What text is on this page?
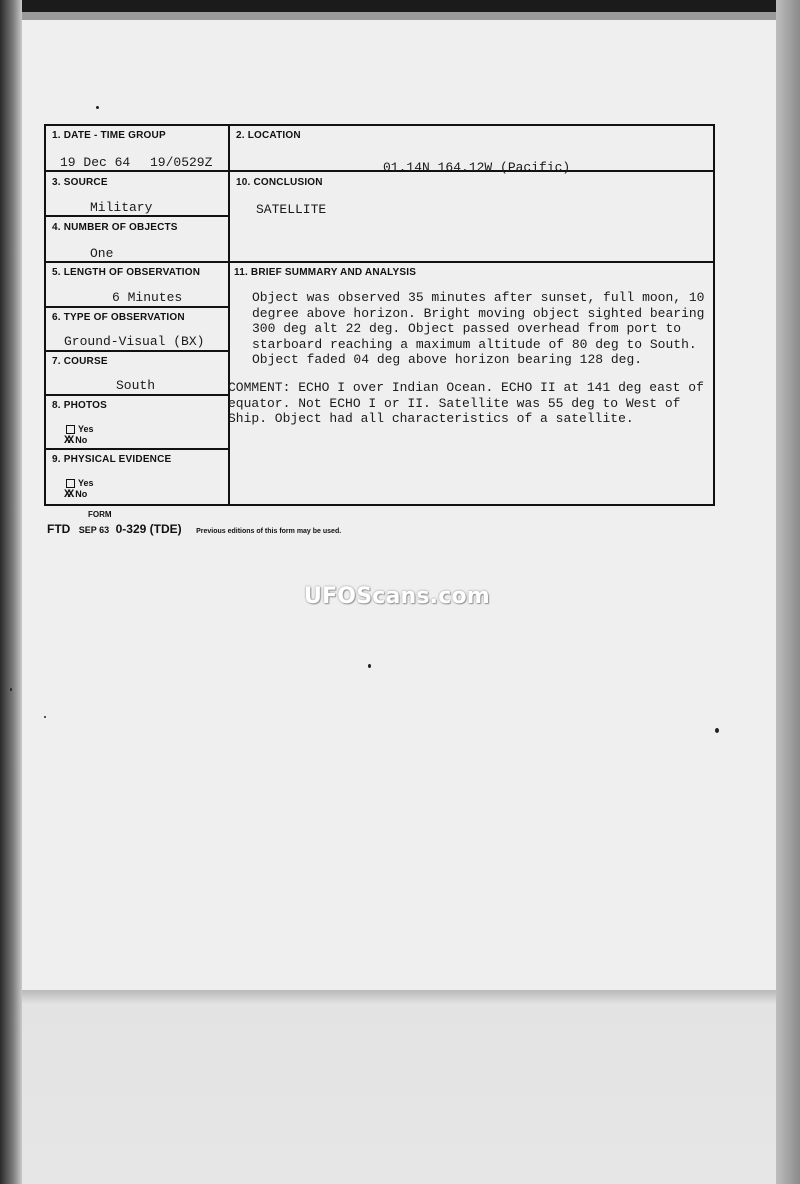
1. DATE - TIME GROUP
19 Dec 64 19/0529Z
2. LOCATION
01.14N 164.12W (Pacific)
3. SOURCE
Military
10. CONCLUSION
SATELLITE
4. NUMBER OF OBJECTS
One
5. LENGTH OF OBSERVATION
6 Minutes
11. BRIEF SUMMARY AND ANALYSIS
6. TYPE OF OBSERVATION
Ground-Visual (BX)
7. COURSE
South
8. PHOTOS
Yes
XX No
9. PHYSICAL EVIDENCE
Yes
XX No

Object was observed 35 minutes after sunset, full moon, 10

degree above horizon. Bright moving object sighted bearing

300 deg alt 22 deg. Object passed overhead from port to

starboard reaching a maximum altitude of 80 deg to South.

Object faded 04 deg above horizon bearing 128 deg.

COMMENT: ECHO I over Indian Ocean. ECHO II at 141 deg east of
equator. Not ECHO I or II. Satellite was 55 deg to West of
Ship. Object had all characteristics of a satellite.
FORM
FTD SEP 63 0-329 (TDE) Previous editions of this form may be used.
UFOScans.com
